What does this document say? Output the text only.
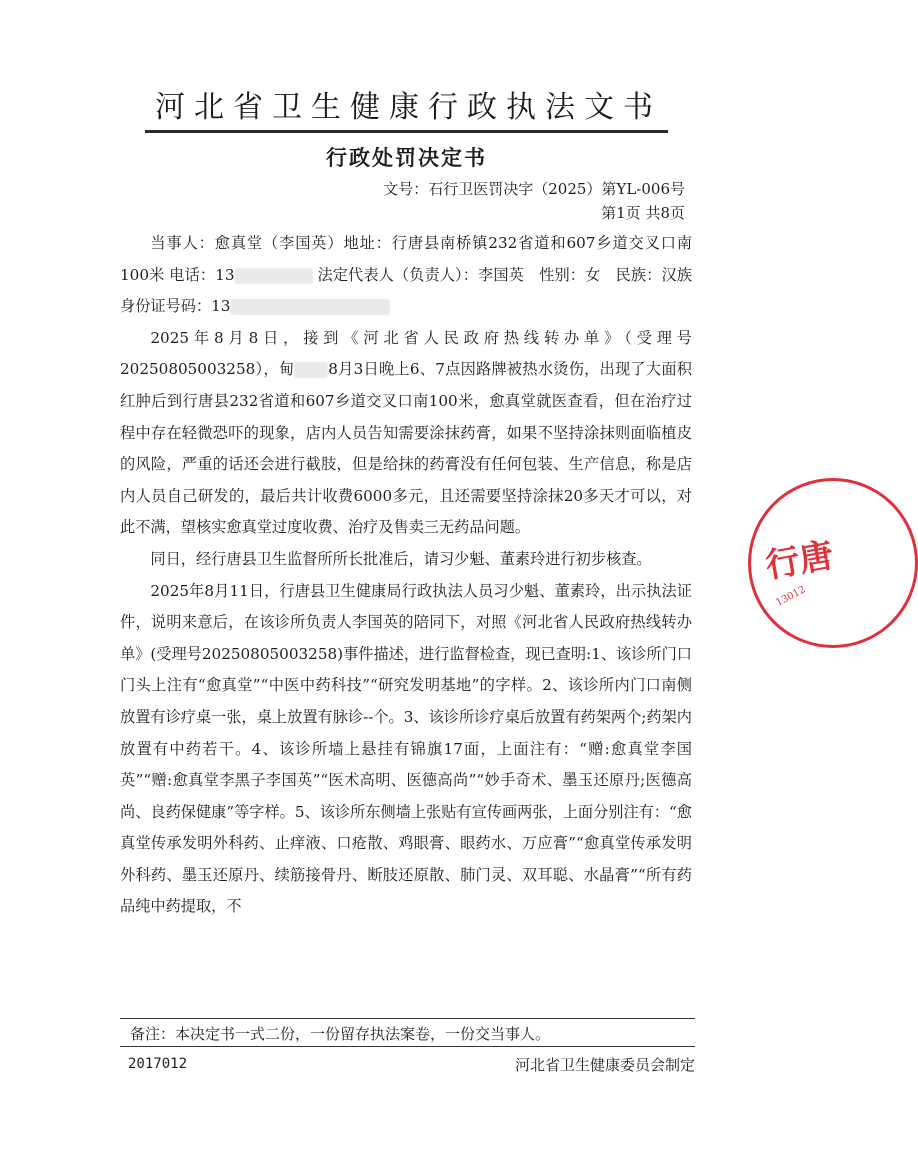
河北省卫生健康行政执法文书
行政处罚决定书
文号：石行卫医罚决字（2025）第YL-006号
第1页 共8页

当事人：愈真堂（李国英）地址：行唐县南桥镇232省道和607乡道交叉口南100米 电话：13	法定代表人（负责人）：李国英　性别：女　民族：汉族 身份证号码：13

2025年8月8日，接到《河北省人民政府热线转办单》（受理号20250805003258），甸 8月3日晚上6、7点因路牌被热水烫伤，出现了大面积红肿后到行唐县232省道和607乡道交叉口南100米，愈真堂就医查看，但在治疗过程中存在轻微恐吓的现象，店内人员告知需要涂抹药膏，如果不坚持涂抹则面临植皮的风险，严重的话还会进行截肢，但是给抹的药膏没有任何包装、生产信息，称是店内人员自己研发的，最后共计收费6000多元，且还需要坚持涂抹20多天才可以，对此不满，望核实愈真堂过度收费、治疗及售卖三无药品问题。

同日，经行唐县卫生监督所所长批准后，请习少魁、董素玲进行初步核查。

2025年8月11日，行唐县卫生健康局行政执法人员习少魁、董素玲，出示执法证件，说明来意后，在该诊所负责人李国英的陪同下，对照《河北省人民政府热线转办单》(受理号20250805003258)事件描述，进行监督检查，现已查明:1、该诊所门口门头上注有“愈真堂”“中医中药科技”“研究发明基地”的字样。2、该诊所内门口南侧放置有诊疗桌一张，桌上放置有脉诊--个。3、该诊所诊疗桌后放置有药架两个;药架内放置有中药若干。4、该诊所墙上悬挂有锦旗17面，上面注有：“赠:愈真堂李国英”“赠:愈真堂李黑子李国英”“医术高明、医德高尚”“妙手奇术、墨玉还原丹;医德高尚、良药保健康”等字样。5、该诊所东侧墙上张贴有宣传画两张，上面分别注有：“愈真堂传承发明外科药、止痒液、口疮散、鸡眼膏、眼药水、万应膏”“愈真堂传承发明外科药、墨玉还原丹、续筋接骨丹、断肢还原散、肺门灵、双耳聪、水晶膏”“所有药品纯中药提取，不

备注：本决定书一式二份，一份留存执法案卷，一份交当事人。
2017012	河北省卫生健康委员会制定
行唐
13012
